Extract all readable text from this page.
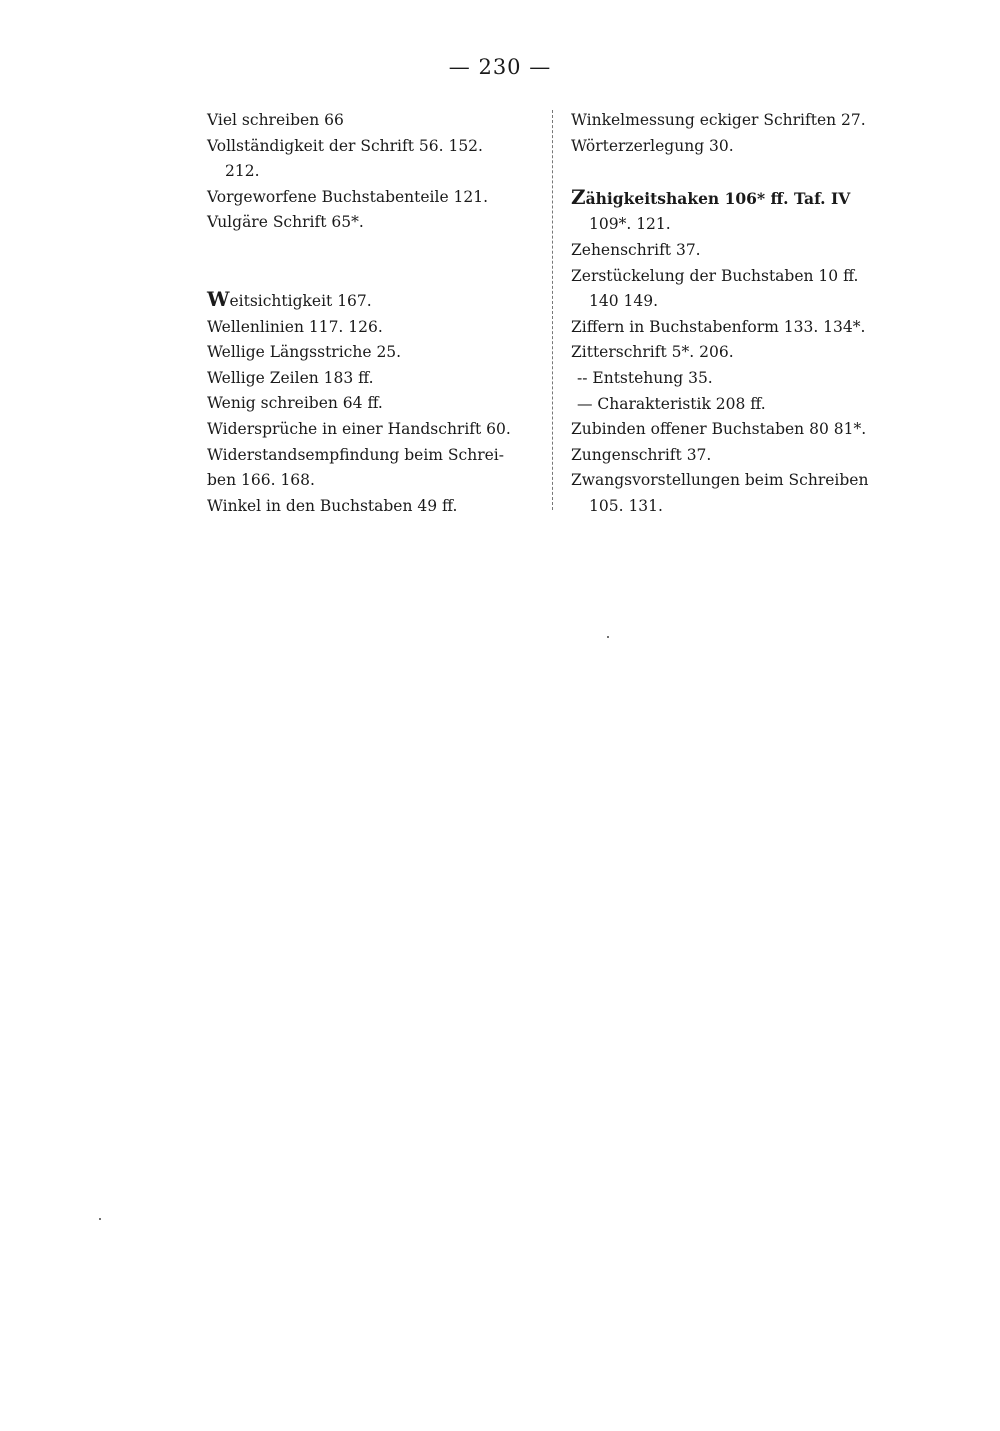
— 230 —
Viel schreiben 66
Vollständigkeit der Schrift 56. 152.
212.
Vorgeworfene Buchstabenteile 121.
Vulgäre Schrift 65*.
Weitsichtigkeit 167.
Wellenlinien 117. 126.
Wellige Längsstriche 25.
Wellige Zeilen 183 ff.
Wenig schreiben 64 ff.
Widersprüche in einer Handschrift 60.
Widerstandsempfindung beim Schrei-
ben 166. 168.
Winkel in den Buchstaben 49 ff.
Winkelmessung eckiger Schriften 27.
Wörterzerlegung 30.
Zähigkeitshaken 106* ff. Taf. IV
109*. 121.
Zehenschrift 37.
Zerstückelung der Buchstaben 10 ff.
140 149.
Ziffern in Buchstabenform 133. 134*.
Zitterschrift 5*. 206.
-- Entstehung 35.
— Charakteristik 208 ff.
Zubinden offener Buchstaben 80 81*.
Zungenschrift 37.
Zwangsvorstellungen beim Schreiben
105. 131.
